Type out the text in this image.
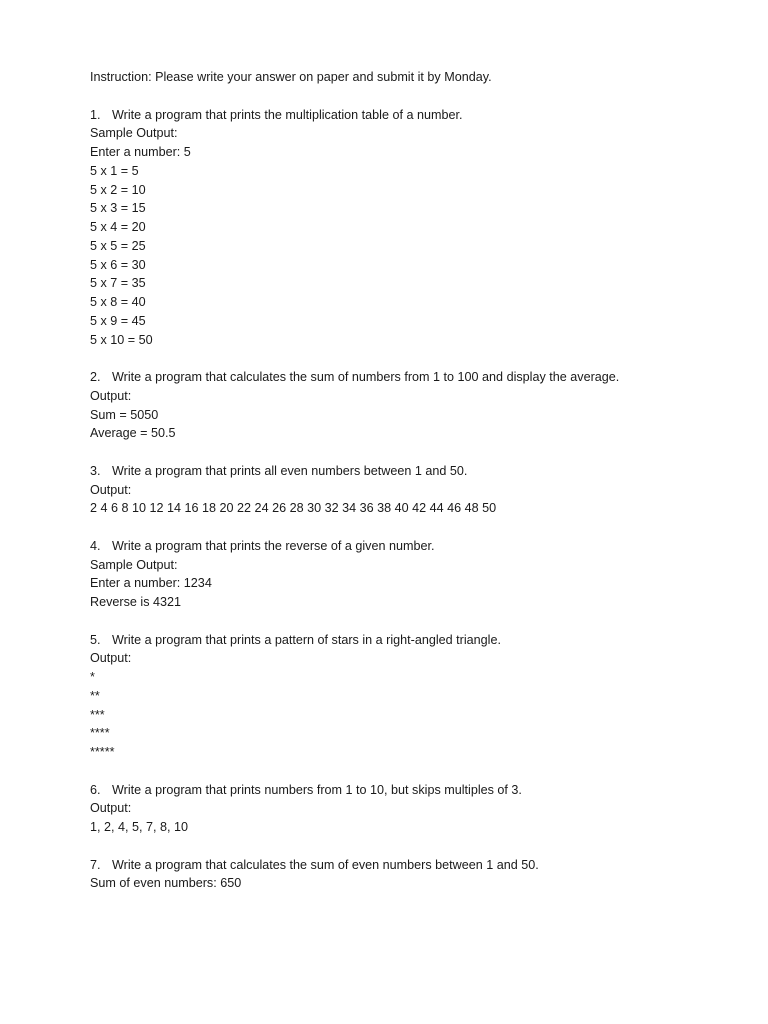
Instruction: Please write your answer on paper and submit it by Monday.
1. Write a program that prints the multiplication table of a number.
Sample Output:
Enter a number: 5
5 x 1 = 5
5 x 2 = 10
5 x 3 = 15
5 x 4 = 20
5 x 5 = 25
5 x 6 = 30
5 x 7 = 35
5 x 8 = 40
5 x 9 = 45
5 x 10 = 50
2. Write a program that calculates the sum of numbers from 1 to 100 and display the average.
Output:
Sum = 5050
Average = 50.5
3. Write a program that prints all even numbers between 1 and 50.
Output:
2 4 6 8 10 12 14 16 18 20 22 24 26 28 30 32 34 36 38 40 42 44 46 48 50
4. Write a program that prints the reverse of a given number.
Sample Output:
Enter a number: 1234
Reverse is 4321
5. Write a program that prints a pattern of stars in a right-angled triangle.
Output:
*
**
***
****
*****
6. Write a program that prints numbers from 1 to 10, but skips multiples of 3.
Output:
1, 2, 4, 5, 7, 8, 10
7. Write a program that calculates the sum of even numbers between 1 and 50.
Sum of even numbers: 650
